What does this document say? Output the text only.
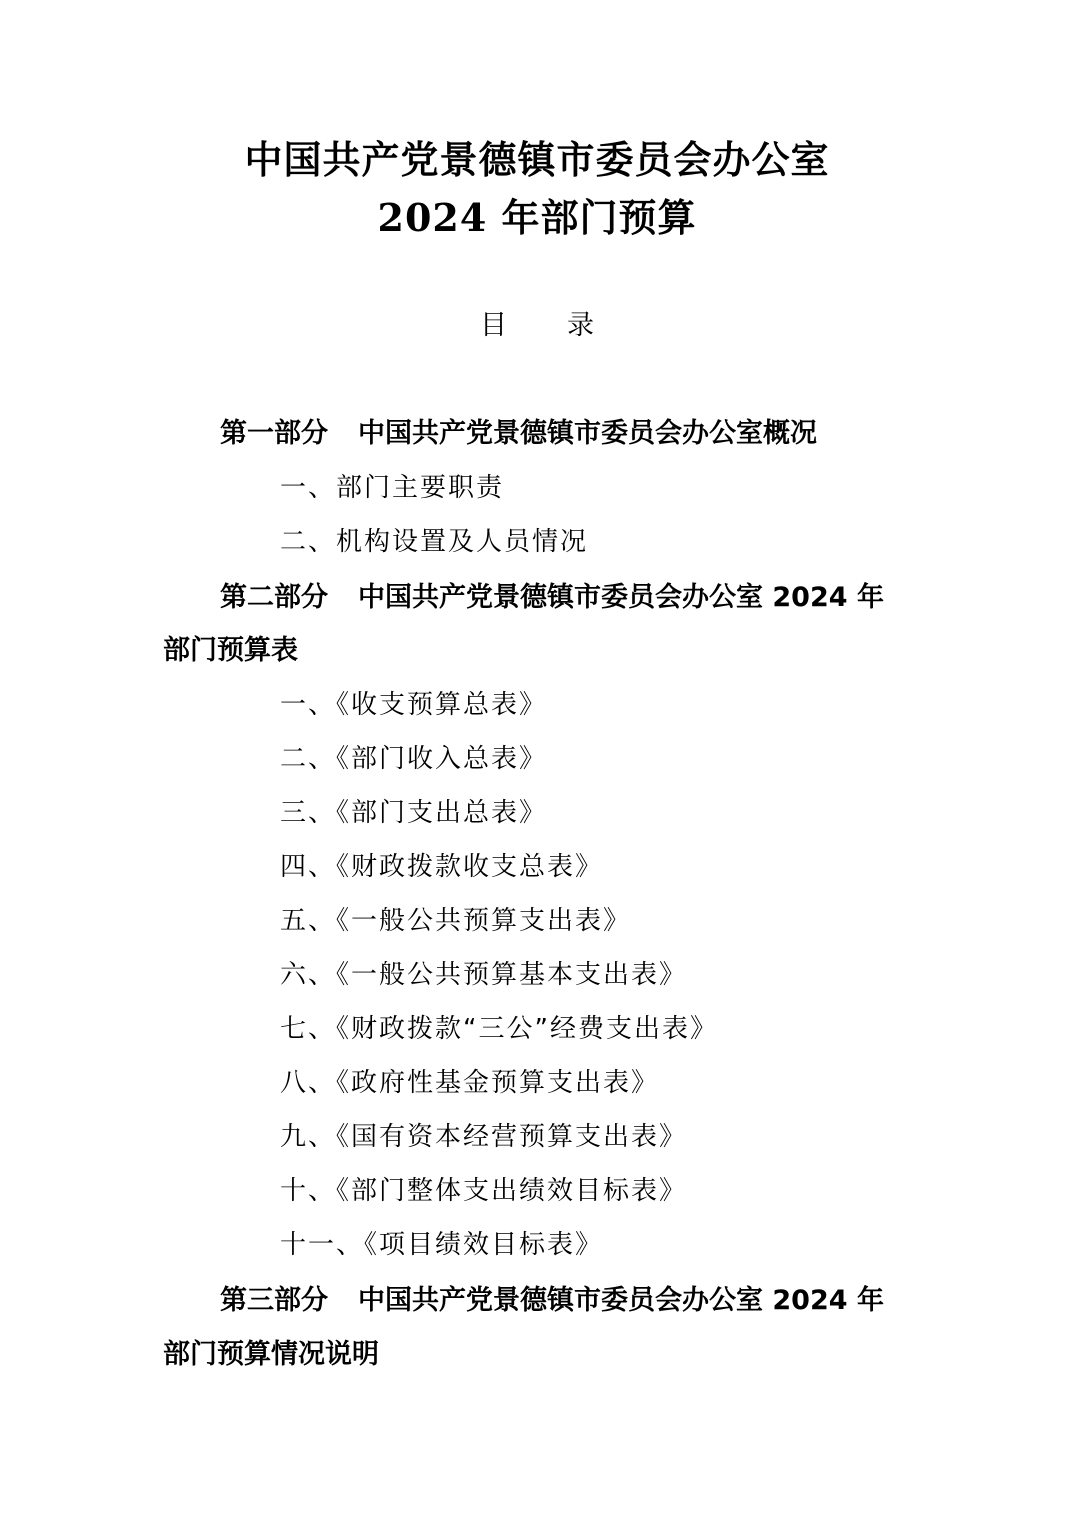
中国共产党景德镇市委员会办公室
2024 年部门预算
目录
第一部分 中国共产党景德镇市委员会办公室概况
一、部门主要职责
二、机构设置及人员情况
第二部分 中国共产党景德镇市委员会办公室 2024 年
部门预算表
一、《收支预算总表》
二、《部门收入总表》
三、《部门支出总表》
四、《财政拨款收支总表》
五、《一般公共预算支出表》
六、《一般公共预算基本支出表》
七、《财政拨款“三公”经费支出表》
八、《政府性基金预算支出表》
九、《国有资本经营预算支出表》
十、《部门整体支出绩效目标表》
十一、《项目绩效目标表》
第三部分 中国共产党景德镇市委员会办公室 2024 年
部门预算情况说明
